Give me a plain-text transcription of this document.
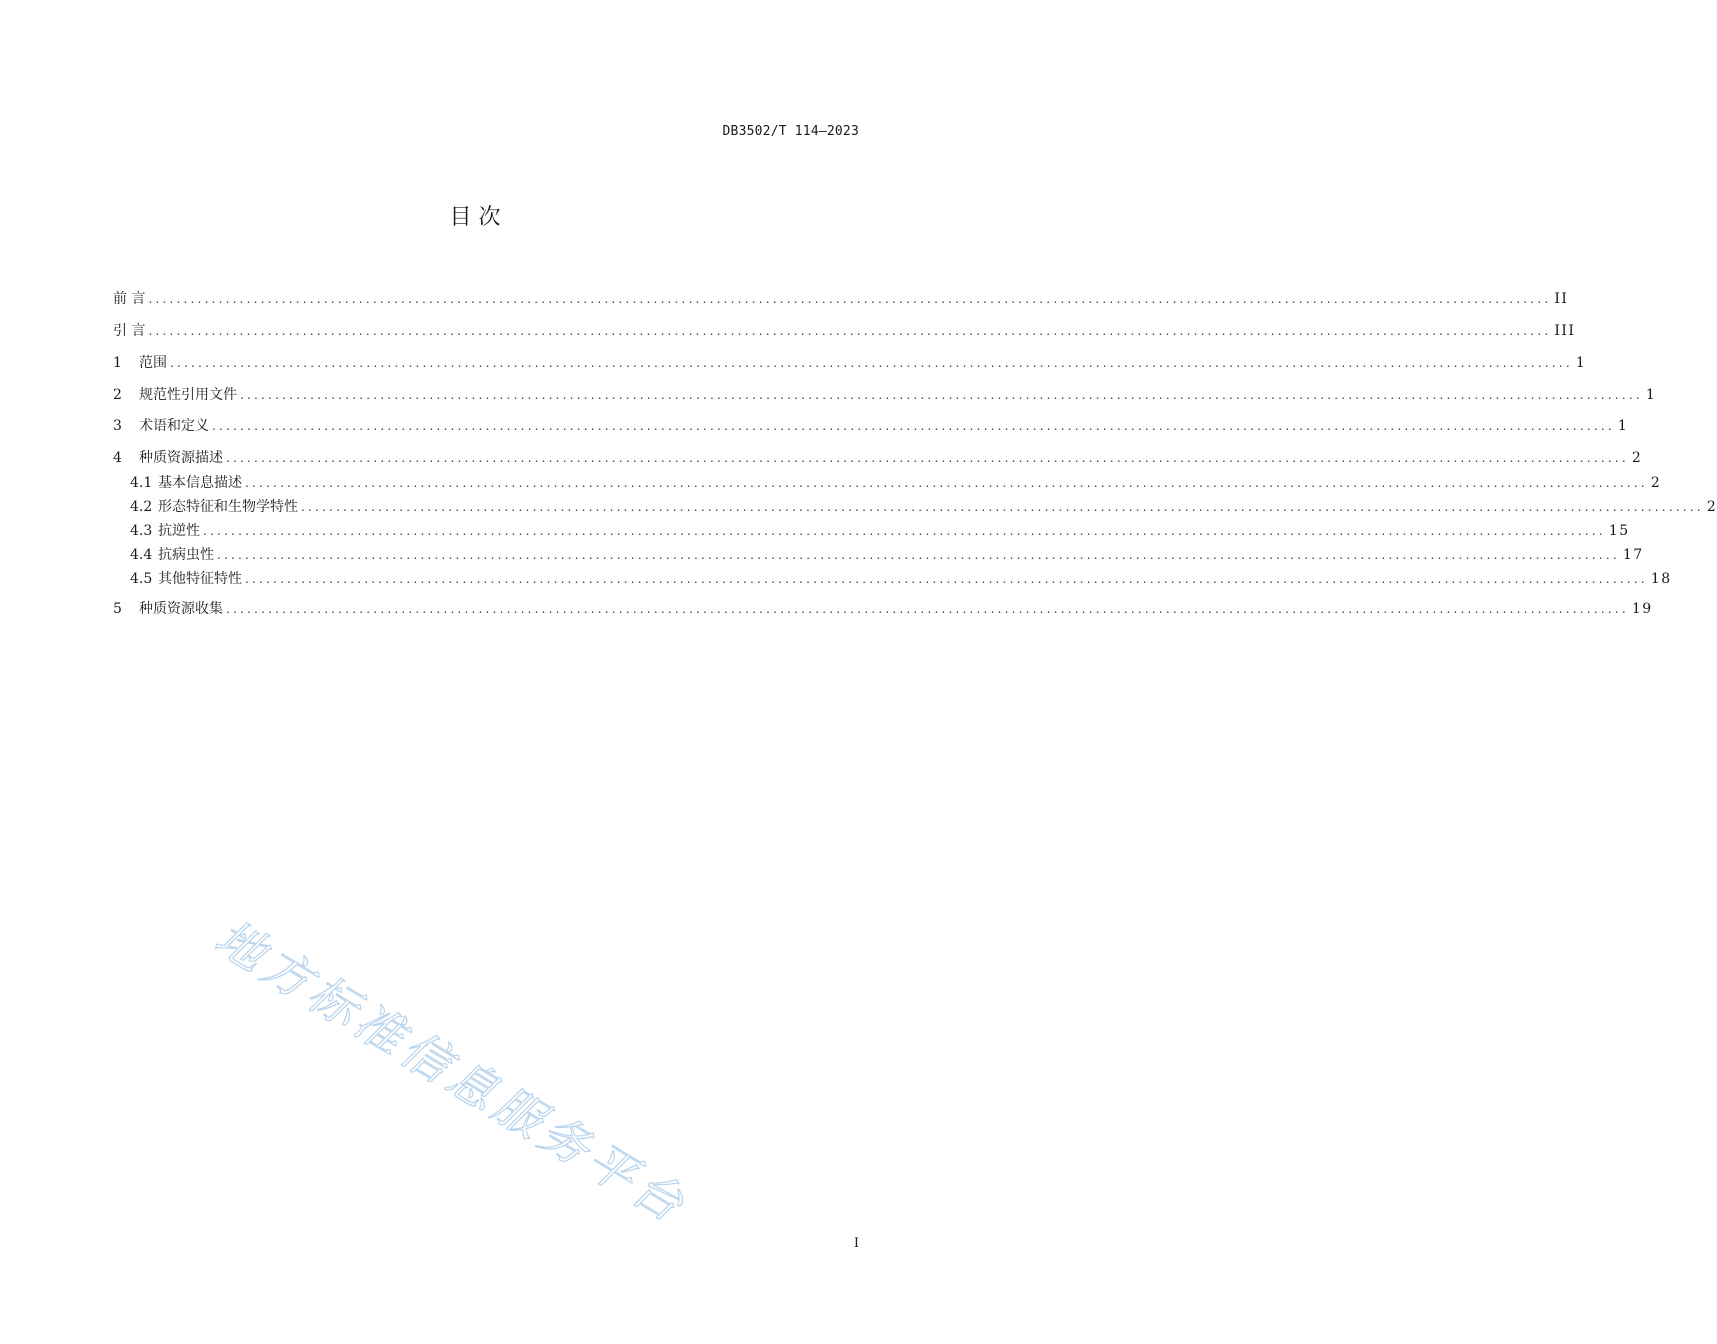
DB3502/T 114—2023
目 次
前 言 ........................................................................................................................................................................................................ II
引 言 ........................................................................................................................................................................................................ III
1	范围 ........................................................................................................................................................................................................ 1
2	规范性引用文件 ........................................................................................................................................................................................................ 1
3	术语和定义 ........................................................................................................................................................................................................ 1
4	种质资源描述 ........................................................................................................................................................................................................ 2
4.1 基本信息描述 ........................................................................................................................................................................................................ 2
4.2 形态特征和生物学特性 ........................................................................................................................................................................................................ 2
4.3 抗逆性 ........................................................................................................................................................................................................ 15
4.4 抗病虫性 ........................................................................................................................................................................................................ 17
4.5 其他特征特性 ........................................................................................................................................................................................................ 18
5	种质资源收集 ........................................................................................................................................................................................................ 19
地方标准信息服务平台
I
